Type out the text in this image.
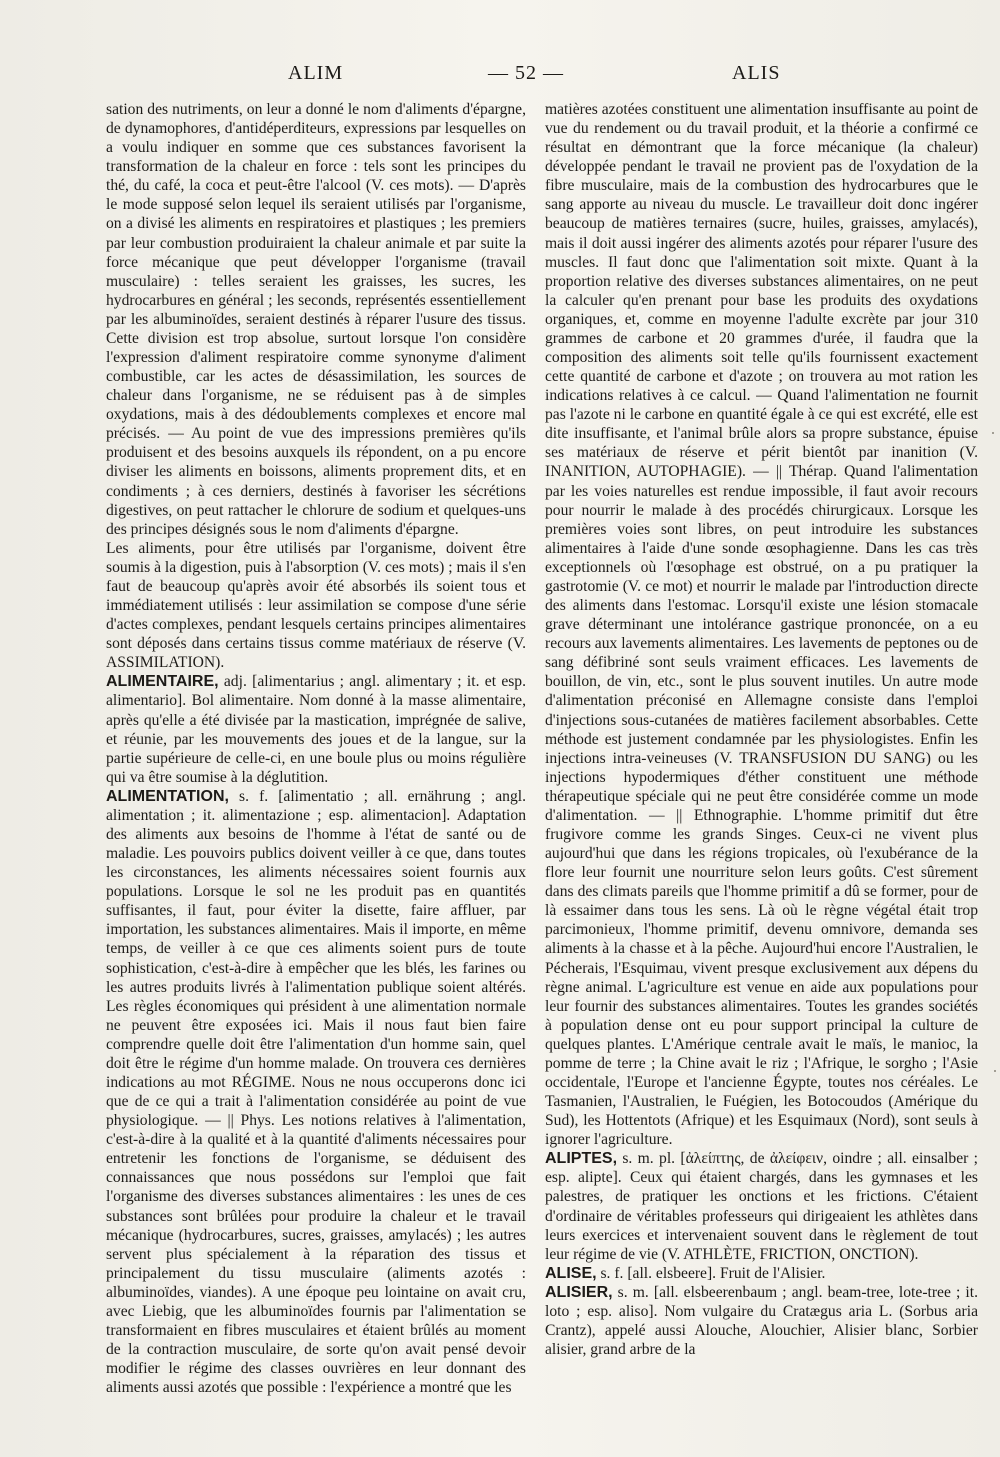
ALIM	— 52 —	ALIS

sation des nutriments, on leur a donné le nom d'aliments d'épargne, de dynamophores, d'antidéperditeurs, expressions par lesquelles on a voulu indiquer en somme que ces substances favorisent la transformation de la chaleur en force : tels sont les principes du thé, du café, la coca et peut-être l'alcool (V. ces mots). — D'après le mode supposé selon lequel ils seraient utilisés par l'organisme, on a divisé les aliments en respiratoires et plastiques ; les premiers par leur combustion produiraient la chaleur animale et par suite la force mécanique que peut développer l'organisme (travail musculaire) : telles seraient les graisses, les sucres, les hydrocarbures en général ; les seconds, représentés essentiellement par les albuminoïdes, seraient destinés à réparer l'usure des tissus. Cette division est trop absolue, surtout lorsque l'on considère l'expression d'aliment respiratoire comme synonyme d'aliment combustible, car les actes de désassimilation, les sources de chaleur dans l'organisme, ne se réduisent pas à de simples oxydations, mais à des dédoublements complexes et encore mal précisés. — Au point de vue des impressions premières qu'ils produisent et des besoins auxquels ils répondent, on a pu encore diviser les aliments en boissons, aliments proprement dits, et en condiments ; à ces derniers, destinés à favoriser les sécrétions digestives, on peut rattacher le chlorure de sodium et quelques-uns des principes désignés sous le nom d'aliments d'épargne.

Les aliments, pour être utilisés par l'organisme, doivent être soumis à la digestion, puis à l'absorption (V. ces mots) ; mais il s'en faut de beaucoup qu'après avoir été absorbés ils soient tous et immédiatement utilisés : leur assimilation se compose d'une série d'actes complexes, pendant lesquels certains principes alimentaires sont déposés dans certains tissus comme matériaux de réserve (V. ASSIMILATION).

ALIMENTAIRE, adj. [alimentarius ; angl. alimentary ; it. et esp. alimentario]. Bol alimentaire. Nom donné à la masse alimentaire, après qu'elle a été divisée par la mastication, imprégnée de salive, et réunie, par les mouvements des joues et de la langue, sur la partie supérieure de celle-ci, en une boule plus ou moins régulière qui va être soumise à la déglutition.

ALIMENTATION, s. f. [alimentatio ; all. ernährung ; angl. alimentation ; it. alimentazione ; esp. alimentacion]. Adaptation des aliments aux besoins de l'homme à l'état de santé ou de maladie. Les pouvoirs publics doivent veiller à ce que, dans toutes les circonstances, les aliments nécessaires soient fournis aux populations. Lorsque le sol ne les produit pas en quantités suffisantes, il faut, pour éviter la disette, faire affluer, par importation, les substances alimentaires. Mais il importe, en même temps, de veiller à ce que ces aliments soient purs de toute sophistication, c'est-à-dire à empêcher que les blés, les farines ou les autres produits livrés à l'alimentation publique soient altérés. Les règles économiques qui président à une alimentation normale ne peuvent être exposées ici. Mais il nous faut bien faire comprendre quelle doit être l'alimentation d'un homme sain, quel doit être le régime d'un homme malade. On trouvera ces dernières indications au mot RÉGIME. Nous ne nous occuperons donc ici que de ce qui a trait à l'alimentation considérée au point de vue physiologique. — || Phys. Les notions relatives à l'alimentation, c'est-à-dire à la qualité et à la quantité d'aliments nécessaires pour entretenir les fonctions de l'organisme, se déduisent des connaissances que nous possédons sur l'emploi que fait l'organisme des diverses substances alimentaires : les unes de ces substances sont brûlées pour produire la chaleur et le travail mécanique (hydrocarbures, sucres, graisses, amylacés) ; les autres servent plus spécialement à la réparation des tissus et principalement du tissu musculaire (aliments azotés : albuminoïdes, viandes). A une époque peu lointaine on avait cru, avec Liebig, que les albuminoïdes fournis par l'alimentation se transformaient en fibres musculaires et étaient brûlés au moment de la contraction musculaire, de sorte qu'on avait pensé devoir modifier le régime des classes ouvrières en leur donnant des aliments aussi azotés que possible : l'expérience a montré que les

matières azotées constituent une alimentation insuffisante au point de vue du rendement ou du travail produit, et la théorie a confirmé ce résultat en démontrant que la force mécanique (la chaleur) développée pendant le travail ne provient pas de l'oxydation de la fibre musculaire, mais de la combustion des hydrocarbures que le sang apporte au niveau du muscle. Le travailleur doit donc ingérer beaucoup de matières ternaires (sucre, huiles, graisses, amylacés), mais il doit aussi ingérer des aliments azotés pour réparer l'usure des muscles. Il faut donc que l'alimentation soit mixte. Quant à la proportion relative des diverses substances alimentaires, on ne peut la calculer qu'en prenant pour base les produits des oxydations organiques, et, comme en moyenne l'adulte excrète par jour 310 grammes de carbone et 20 grammes d'urée, il faudra que la composition des aliments soit telle qu'ils fournissent exactement cette quantité de carbone et d'azote ; on trouvera au mot ration les indications relatives à ce calcul. — Quand l'alimentation ne fournit pas l'azote ni le carbone en quantité égale à ce qui est excrété, elle est dite insuffisante, et l'animal brûle alors sa propre substance, épuise ses matériaux de réserve et périt bientôt par inanition (V. INANITION, AUTOPHAGIE). — || Thérap. Quand l'alimentation par les voies naturelles est rendue impossible, il faut avoir recours pour nourrir le malade à des procédés chirurgicaux. Lorsque les premières voies sont libres, on peut introduire les substances alimentaires à l'aide d'une sonde œsophagienne. Dans les cas très exceptionnels où l'œsophage est obstrué, on a pu pratiquer la gastrotomie (V. ce mot) et nourrir le malade par l'introduction directe des aliments dans l'estomac. Lorsqu'il existe une lésion stomacale grave déterminant une intolérance gastrique prononcée, on a eu recours aux lavements alimentaires. Les lavements de peptones ou de sang défibriné sont seuls vraiment efficaces. Les lavements de bouillon, de vin, etc., sont le plus souvent inutiles. Un autre mode d'alimentation préconisé en Allemagne consiste dans l'emploi d'injections sous-cutanées de matières facilement absorbables. Cette méthode est justement condamnée par les physiologistes. Enfin les injections intra-veineuses (V. TRANSFUSION DU SANG) ou les injections hypodermiques d'éther constituent une méthode thérapeutique spéciale qui ne peut être considérée comme un mode d'alimentation. — || Ethnographie. L'homme primitif dut être frugivore comme les grands Singes. Ceux-ci ne vivent plus aujourd'hui que dans les régions tropicales, où l'exubérance de la flore leur fournit une nourriture selon leurs goûts. C'est sûrement dans des climats pareils que l'homme primitif a dû se former, pour de là essaimer dans tous les sens. Là où le règne végétal était trop parcimonieux, l'homme primitif, devenu omnivore, demanda ses aliments à la chasse et à la pêche. Aujourd'hui encore l'Australien, le Pécherais, l'Esquimau, vivent presque exclusivement aux dépens du règne animal. L'agriculture est venue en aide aux populations pour leur fournir des substances alimentaires. Toutes les grandes sociétés à population dense ont eu pour support principal la culture de quelques plantes. L'Amérique centrale avait le maïs, le manioc, la pomme de terre ; la Chine avait le riz ; l'Afrique, le sorgho ; l'Asie occidentale, l'Europe et l'ancienne Égypte, toutes nos céréales. Le Tasmanien, l'Australien, le Fuégien, les Botocoudos (Amérique du Sud), les Hottentots (Afrique) et les Esquimaux (Nord), sont seuls à ignorer l'agriculture.

ALIPTES, s. m. pl. [ἀλείπτης, de ἀλείφειν, oindre ; all. einsalber ; esp. alipte]. Ceux qui étaient chargés, dans les gymnases et les palestres, de pratiquer les onctions et les frictions. C'étaient d'ordinaire de véritables professeurs qui dirigeaient les athlètes dans leurs exercices et intervenaient souvent dans le règlement de tout leur régime de vie (V. ATHLÈTE, FRICTION, ONCTION).

ALISE, s. f. [all. elsbeere]. Fruit de l'Alisier.

ALISIER, s. m. [all. elsbeerenbaum ; angl. beam-tree, lote-tree ; it. loto ; esp. aliso]. Nom vulgaire du Cratægus aria L. (Sorbus aria Crantz), appelé aussi Alouche, Alouchier, Alisier blanc, Sorbier alisier, grand arbre de la
